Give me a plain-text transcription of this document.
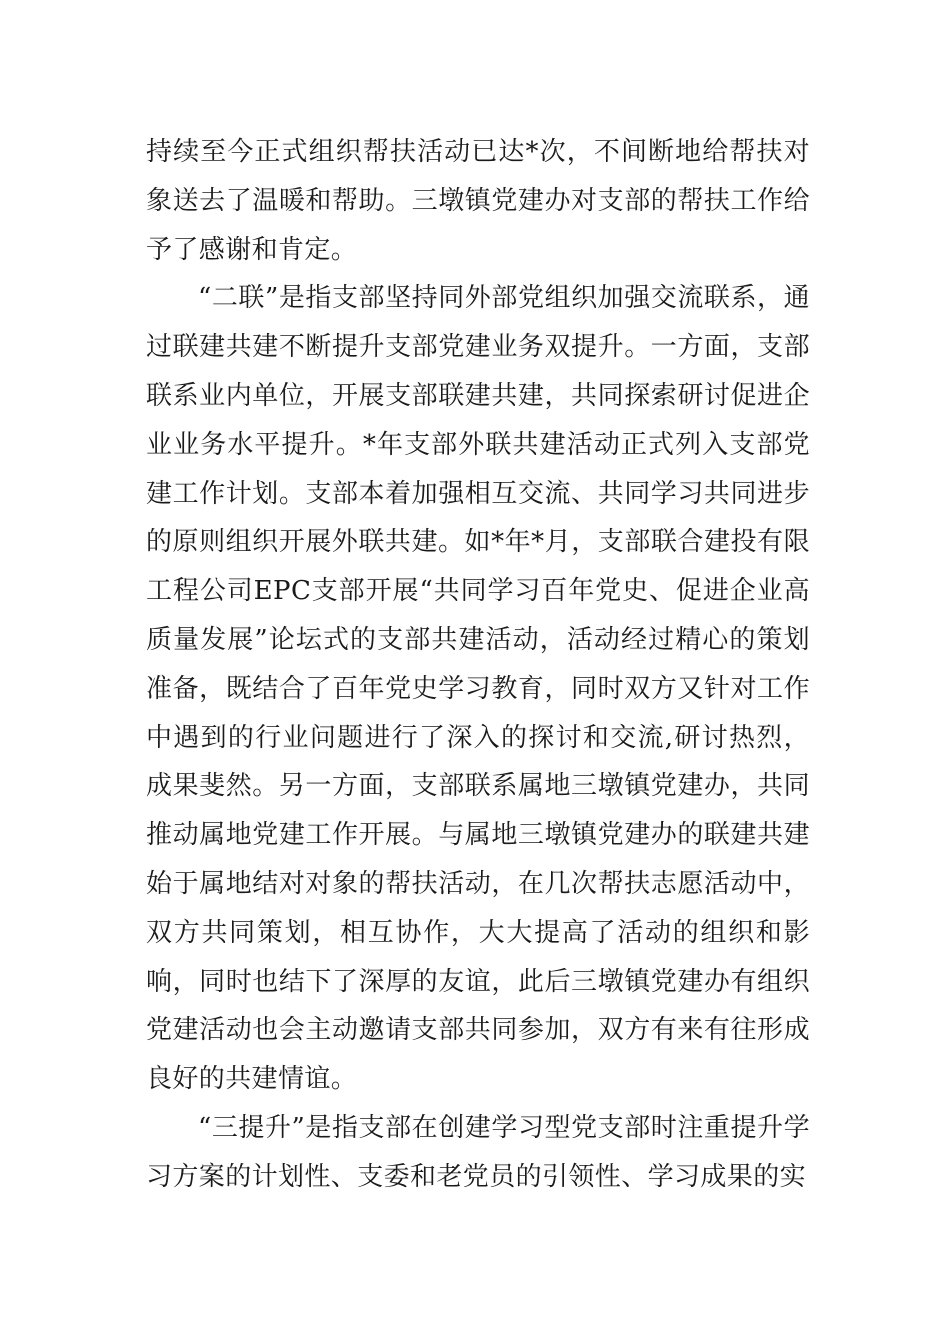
持续至今正式组织帮扶活动已达*次，不间断地给帮扶对象送去了温暖和帮助。三墩镇党建办对支部的帮扶工作给予了感谢和肯定。

“二联”是指支部坚持同外部党组织加强交流联系，通过联建共建不断提升支部党建业务双提升。一方面，支部联系业内单位，开展支部联建共建，共同探索研讨促进企业业务水平提升。*年支部外联共建活动正式列入支部党建工作计划。支部本着加强相互交流、共同学习共同进步的原则组织开展外联共建。如*年*月，支部联合建投有限工程公司EPC支部开展“共同学习百年党史、促进企业高质量发展”论坛式的支部共建活动，活动经过精心的策划准备，既结合了百年党史学习教育，同时双方又针对工作中遇到的行业问题进行了深入的探讨和交流,研讨热烈，成果斐然。另一方面，支部联系属地三墩镇党建办，共同推动属地党建工作开展。与属地三墩镇党建办的联建共建始于属地结对对象的帮扶活动，在几次帮扶志愿活动中，双方共同策划，相互协作，大大提高了活动的组织和影响，同时也结下了深厚的友谊，此后三墩镇党建办有组织党建活动也会主动邀请支部共同参加，双方有来有往形成良好的共建情谊。

“三提升”是指支部在创建学习型党支部时注重提升学习方案的计划性、支委和老党员的引领性、学习成果的实
